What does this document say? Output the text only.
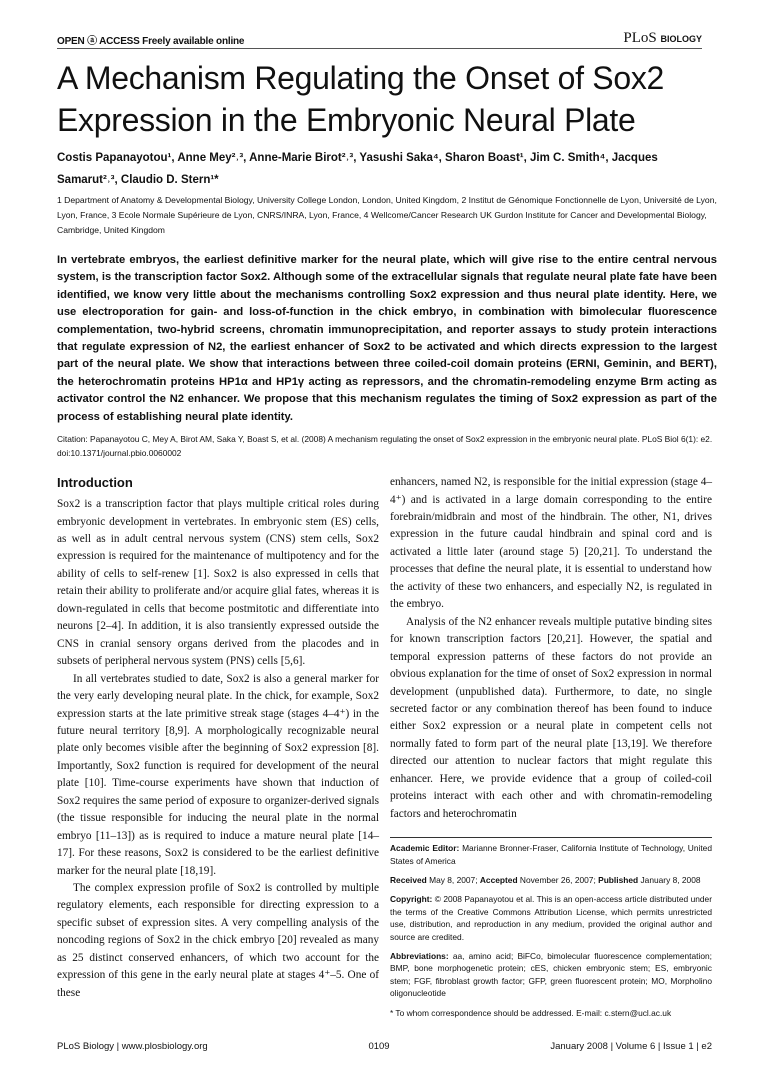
OPEN ⓐ ACCESS Freely available online	PLoS BIOLOGY
A Mechanism Regulating the Onset of Sox2 Expression in the Embryonic Neural Plate
Costis Papanayotou¹, Anne Mey²˒³, Anne-Marie Birot²˒³, Yasushi Saka⁴, Sharon Boast¹, Jim C. Smith⁴, Jacques Samarut²˒³, Claudio D. Stern¹*
1 Department of Anatomy & Developmental Biology, University College London, London, United Kingdom, 2 Institut de Génomique Fonctionnelle de Lyon, Université de Lyon, Lyon, France, 3 Ecole Normale Supérieure de Lyon, CNRS/INRA, Lyon, France, 4 Wellcome/Cancer Research UK Gurdon Institute for Cancer and Developmental Biology, Cambridge, United Kingdom
In vertebrate embryos, the earliest definitive marker for the neural plate, which will give rise to the entire central nervous system, is the transcription factor Sox2. Although some of the extracellular signals that regulate neural plate fate have been identified, we know very little about the mechanisms controlling Sox2 expression and thus neural plate identity. Here, we use electroporation for gain- and loss-of-function in the chick embryo, in combination with bimolecular fluorescence complementation, two-hybrid screens, chromatin immunoprecipitation, and reporter assays to study protein interactions that regulate expression of N2, the earliest enhancer of Sox2 to be activated and which directs expression to the largest part of the neural plate. We show that interactions between three coiled-coil domain proteins (ERNI, Geminin, and BERT), the heterochromatin proteins HP1α and HP1γ acting as repressors, and the chromatin-remodeling enzyme Brm acting as activator control the N2 enhancer. We propose that this mechanism regulates the timing of Sox2 expression as part of the process of establishing neural plate identity.
Citation: Papanayotou C, Mey A, Birot AM, Saka Y, Boast S, et al. (2008) A mechanism regulating the onset of Sox2 expression in the embryonic neural plate. PLoS Biol 6(1): e2. doi:10.1371/journal.pbio.0060002
Introduction

Sox2 is a transcription factor that plays multiple critical roles during embryonic development in vertebrates. In embryonic stem (ES) cells, as well as in adult central nervous system (CNS) stem cells, Sox2 expression is required for the maintenance of multipotency and for the ability of cells to self-renew [1]. Sox2 is also expressed in cells that retain their ability to proliferate and/or acquire glial fates, whereas it is down-regulated in cells that become postmitotic and differentiate into neurons [2–4]. In addition, it is also transiently expressed outside the CNS in cranial sensory organs derived from the placodes and in subsets of peripheral nervous system (PNS) cells [5,6].

In all vertebrates studied to date, Sox2 is also a general marker for the very early developing neural plate. In the chick, for example, Sox2 expression starts at the late primitive streak stage (stages 4–4⁺) in the future neural territory [8,9]. A morphologically recognizable neural plate only becomes visible after the beginning of Sox2 expression [8]. Importantly, Sox2 function is required for development of the neural plate [10]. Time-course experiments have shown that induction of Sox2 requires the same period of exposure to organizer-derived signals (the tissue responsible for inducing the neural plate in the normal embryo [11–13]) as is required to induce a mature neural plate [14–17]. For these reasons, Sox2 is considered to be the earliest definitive marker for the neural plate [18,19].

The complex expression profile of Sox2 is controlled by multiple regulatory elements, each responsible for directing expression to a specific subset of expression sites. A very compelling analysis of the noncoding regions of Sox2 in the chick embryo [20] revealed as many as 25 distinct conserved enhancers, of which two account for the expression of this gene in the early neural plate at stages 4⁺–5. One of these

enhancers, named N2, is responsible for the initial expression (stage 4–4⁺) and is activated in a large domain corresponding to the entire forebrain/midbrain and most of the hindbrain. The other, N1, drives expression in the future caudal hindbrain and spinal cord and is activated a little later (around stage 5) [20,21]. To understand the processes that define the neural plate, it is essential to understand how the activity of these two enhancers, and especially N2, is regulated in the embryo.

Analysis of the N2 enhancer reveals multiple putative binding sites for known transcription factors [20,21]. However, the spatial and temporal expression patterns of these factors do not provide an obvious explanation for the time of onset of Sox2 expression in normal development (unpublished data). Furthermore, to date, no single secreted factor or any combination thereof has been found to induce either Sox2 expression or a neural plate in competent cells not normally fated to form part of the neural plate [13,19]. We therefore directed our attention to nuclear factors that might regulate this enhancer. Here, we provide evidence that a group of coiled-coil proteins interact with each other and with chromatin-remodeling factors and heterochromatin

Academic Editor: Marianne Bronner-Fraser, California Institute of Technology, United States of America

Received May 8, 2007; Accepted November 26, 2007; Published January 8, 2008

Copyright: © 2008 Papanayotou et al. This is an open-access article distributed under the terms of the Creative Commons Attribution License, which permits unrestricted use, distribution, and reproduction in any medium, provided the original author and source are credited.

Abbreviations: aa, amino acid; BiFCo, bimolecular fluorescence complementation; BMP, bone morphogenetic protein; cES, chicken embryonic stem; ES, embryonic stem; FGF, fibroblast growth factor; GFP, green fluorescent protein; MO, Morpholino oligonucleotide

* To whom correspondence should be addressed. E-mail: c.stern@ucl.ac.uk

PLoS Biology | www.plosbiology.org	0109	January 2008 | Volume 6 | Issue 1 | e2
